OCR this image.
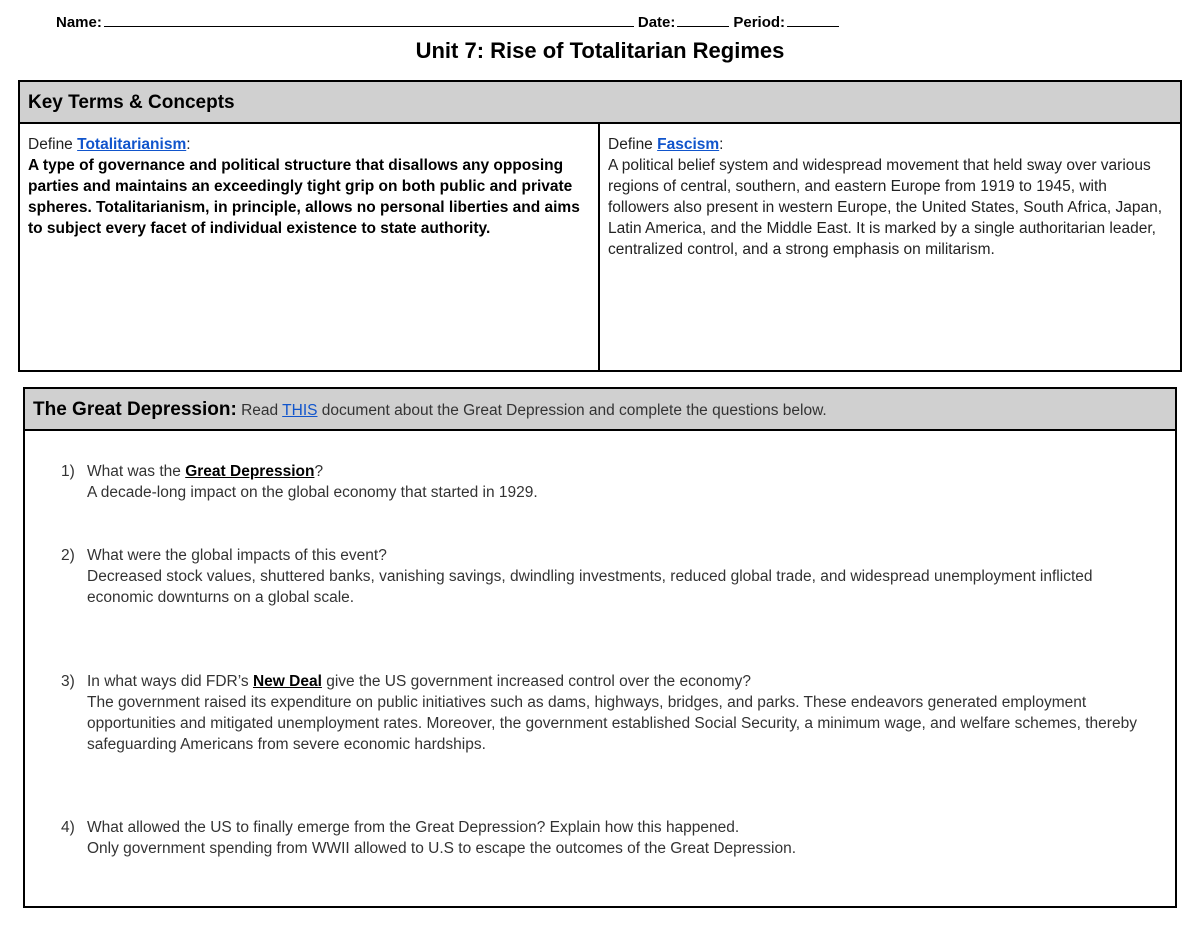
Name:	Date:	Period:
Unit 7: Rise of Totalitarian Regimes
Key Terms & Concepts
Define Totalitarianism:
A type of governance and political structure that disallows any opposing parties and maintains an exceedingly tight grip on both public and private spheres. Totalitarianism, in principle, allows no personal liberties and aims to subject every facet of individual existence to state authority.
Define Fascism:
A political belief system and widespread movement that held sway over various regions of central, southern, and eastern Europe from 1919 to 1945, with followers also present in western Europe, the United States, South Africa, Japan, Latin America, and the Middle East. It is marked by a single authoritarian leader, centralized control, and a strong emphasis on militarism.
The Great Depression: Read THIS document about the Great Depression and complete the questions below.
1) What was the Great Depression?
A decade-long impact on the global economy that started in 1929.
2) What were the global impacts of this event?
Decreased stock values, shuttered banks, vanishing savings, dwindling investments, reduced global trade, and widespread unemployment inflicted economic downturns on a global scale.
3) In what ways did FDR’s New Deal give the US government increased control over the economy?
The government raised its expenditure on public initiatives such as dams, highways, bridges, and parks. These endeavors generated employment opportunities and mitigated unemployment rates. Moreover, the government established Social Security, a minimum wage, and welfare schemes, thereby safeguarding Americans from severe economic hardships.
4) What allowed the US to finally emerge from the Great Depression? Explain how this happened.
Only government spending from WWII allowed to U.S to escape the outcomes of the Great Depression.
